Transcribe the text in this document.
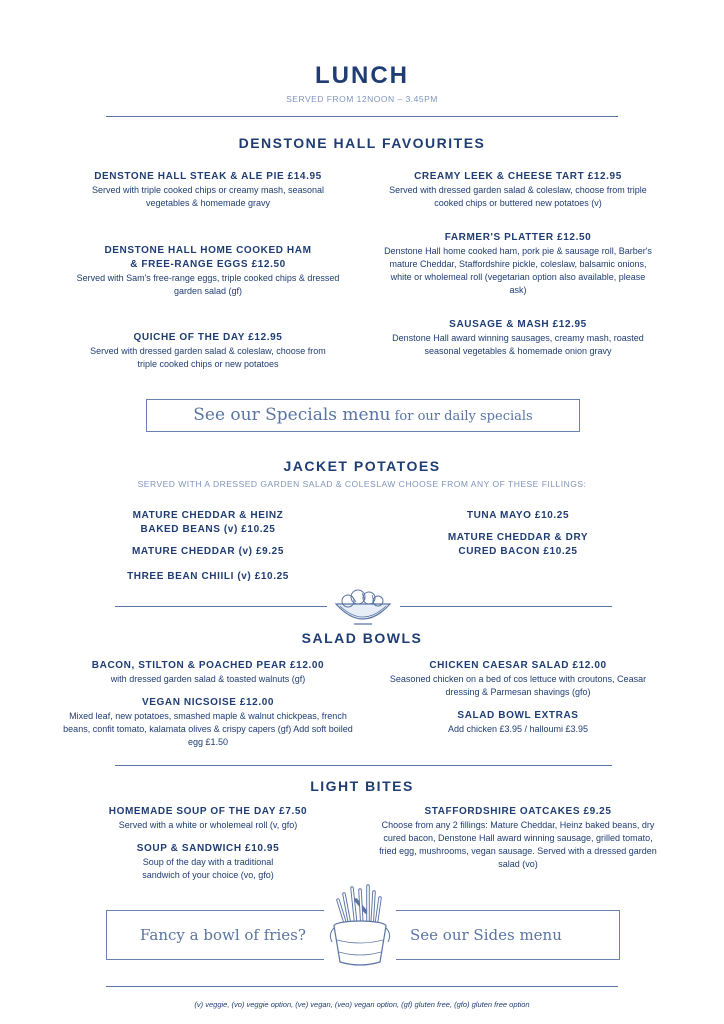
LUNCH
SERVED FROM 12NOON – 3.45PM
DENSTONE HALL FAVOURITES
DENSTONE HALL STEAK & ALE PIE £14.95
Served with triple cooked chips or creamy mash, seasonal vegetables & homemade gravy
DENSTONE HALL HOME COOKED HAM & FREE-RANGE EGGS £12.50
Served with Sam's free-range eggs, triple cooked chips & dressed garden salad (gf)
QUICHE OF THE DAY £12.95
Served with dressed garden salad & coleslaw, choose from triple cooked chips or new potatoes
CREAMY LEEK & CHEESE TART £12.95
Served with dressed garden salad & coleslaw, choose from triple cooked chips or buttered new potatoes (v)
FARMER'S PLATTER £12.50
Denstone Hall home cooked ham, pork pie & sausage roll, Barber's mature Cheddar, Staffordshire pickle, coleslaw, balsamic onions, white or wholemeal roll (vegetarian option also available, please ask)
SAUSAGE & MASH £12.95
Denstone Hall award winning sausages, creamy mash, roasted seasonal vegetables & homemade onion gravy
See our Specials menu for our daily specials
JACKET POTATOES
SERVED WITH A DRESSED GARDEN SALAD & COLESLAW CHOOSE FROM ANY OF THESE FILLINGS:
MATURE CHEDDAR & HEINZ BAKED BEANS (v) £10.25
MATURE CHEDDAR (v) £9.25
THREE BEAN CHIILI (v) £10.25
TUNA MAYO £10.25
MATURE CHEDDAR & DRY CURED BACON £10.25
SALAD BOWLS
BACON, STILTON & POACHED PEAR £12.00
with dressed garden salad & toasted walnuts (gf)
VEGAN NICSOISE £12.00
Mixed leaf, new potatoes, smashed maple & walnut chickpeas, french beans, confit tomato, kalamata olives & crispy capers (gf) Add soft boiled egg £1.50
CHICKEN CAESAR SALAD £12.00
Seasoned chicken on a bed of cos lettuce with croutons, Ceasar dressing & Parmesan shavings (gfo)
SALAD BOWL EXTRAS
Add chicken £3.95 / halloumi £3.95
LIGHT BITES
HOMEMADE SOUP OF THE DAY £7.50
Served with a white or wholemeal roll (v, gfo)
SOUP & SANDWICH £10.95
Soup of the day with a traditional sandwich of your choice (vo, gfo)
STAFFORDSHIRE OATCAKES £9.25
Choose from any 2 fillings: Mature Cheddar, Heinz baked beans, dry cured bacon, Denstone Hall award winning sausage, grilled tomato, fried egg, mushrooms, vegan sausage. Served with a dressed garden salad (vo)
Fancy a bowl of fries?	See our Sides menu
(v) veggie, (vo) veggie option, (ve) vegan, (veo) vegan option, (gf) gluten free, (gfo) gluten free option
